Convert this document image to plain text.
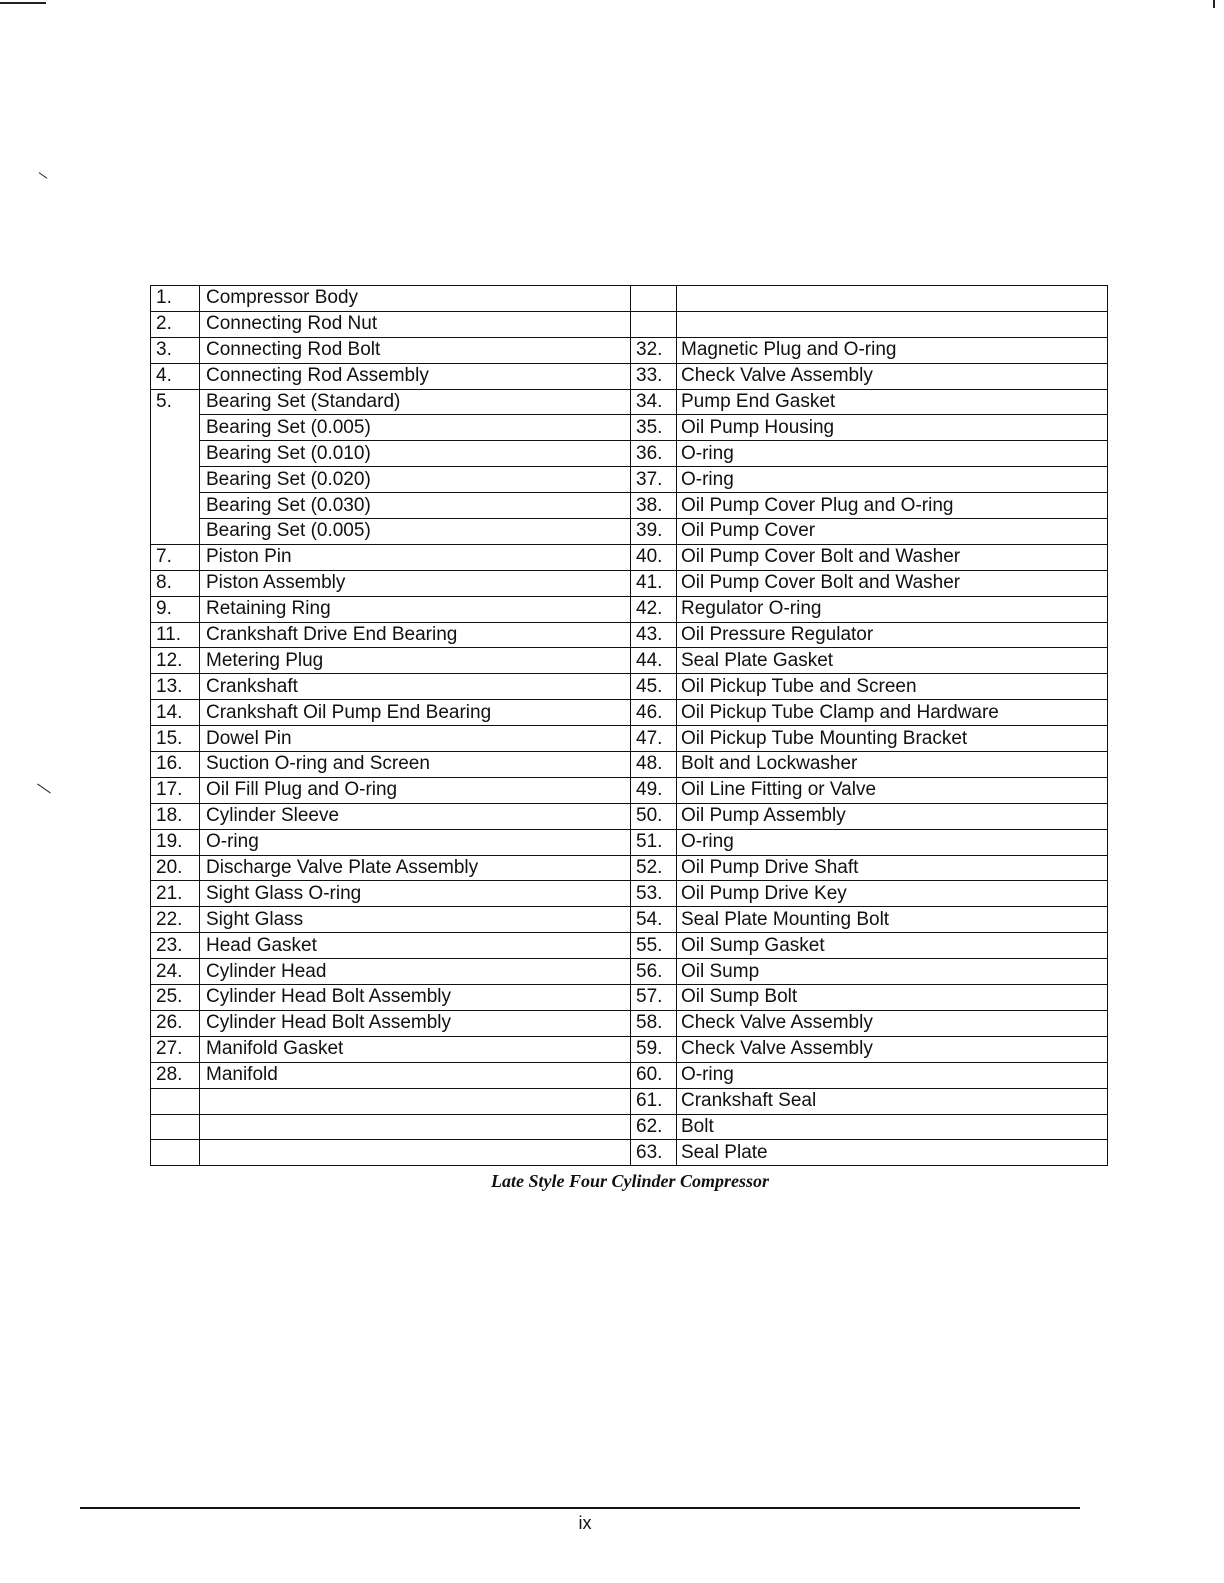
1.	Compressor Body		
2.	Connecting Rod Nut		
3.	Connecting Rod Bolt	32.	Magnetic Plug and O-ring
4.	Connecting Rod Assembly	33.	Check Valve Assembly
5.	Bearing Set (Standard)	34.	Pump End Gasket
	Bearing Set (0.005)	35.	Oil Pump Housing
	Bearing Set (0.010)	36.	O-ring
	Bearing Set (0.020)	37.	O-ring
	Bearing Set (0.030)	38.	Oil Pump Cover Plug and O-ring
	Bearing Set (0.005)	39.	Oil Pump Cover
7.	Piston Pin	40.	Oil Pump Cover Bolt and Washer
8.	Piston Assembly	41.	Oil Pump Cover Bolt and Washer
9.	Retaining Ring	42.	Regulator O-ring
11.	Crankshaft Drive End Bearing	43.	Oil Pressure Regulator
12.	Metering Plug	44.	Seal Plate Gasket
13.	Crankshaft	45.	Oil Pickup Tube and Screen
14.	Crankshaft Oil Pump End Bearing	46.	Oil Pickup Tube Clamp and Hardware
15.	Dowel Pin	47.	Oil Pickup Tube Mounting Bracket
16.	Suction O-ring and Screen	48.	Bolt and Lockwasher
17.	Oil Fill Plug and O-ring	49.	Oil Line Fitting or Valve
18.	Cylinder Sleeve	50.	Oil Pump Assembly
19.	O-ring	51.	O-ring
20.	Discharge Valve Plate Assembly	52.	Oil Pump Drive Shaft
21.	Sight Glass O-ring	53.	Oil Pump Drive Key
22.	Sight Glass	54.	Seal Plate Mounting Bolt
23.	Head Gasket	55.	Oil Sump Gasket
24.	Cylinder Head	56.	Oil Sump
25.	Cylinder Head Bolt Assembly	57.	Oil Sump Bolt
26.	Cylinder Head Bolt Assembly	58.	Check Valve Assembly
27.	Manifold Gasket	59.	Check Valve Assembly
28.	Manifold	60.	O-ring
		61.	Crankshaft Seal
		62.	Bolt
		63.	Seal Plate
Late Style Four Cylinder Compressor
ix
